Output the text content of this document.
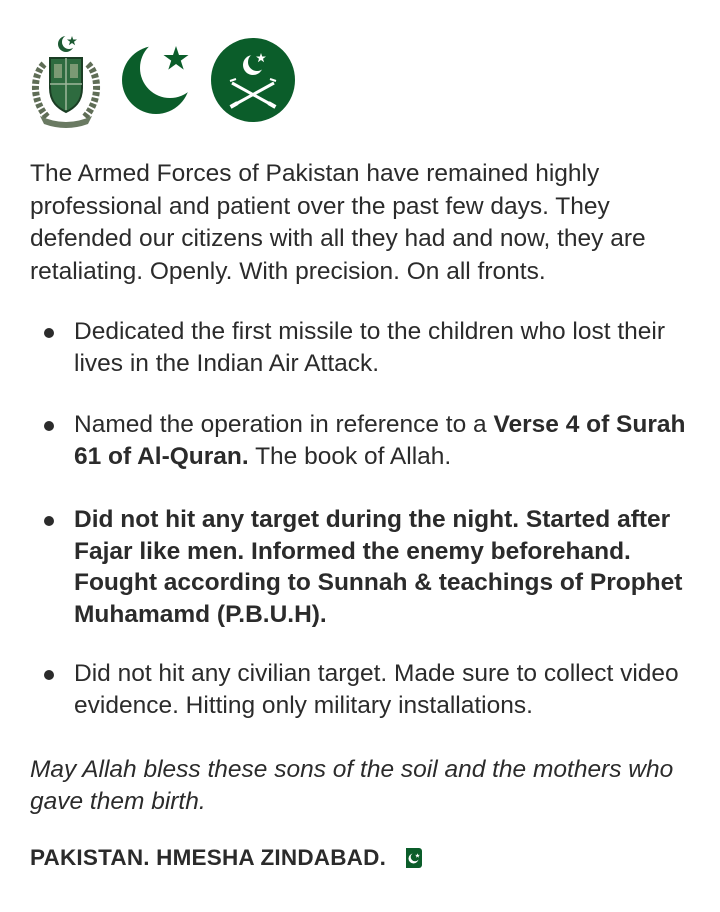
The Armed Forces of Pakistan have remained highly professional and patient over the past few days. They defended our citizens with all they had and now, they are retaliating. Openly. With precision. On all fronts.

Dedicated the first missile to the children who lost their lives in the Indian Air Attack.
Named the operation in reference to a Verse 4 of Surah 61 of Al-Quran. The book of Allah.
Did not hit any target during the night. Started after Fajar like men. Informed the enemy beforehand. Fought according to Sunnah & teachings of Prophet Muhamamd (P.B.U.H).
Did not hit any civilian target. Made sure to collect video evidence. Hitting only military installations.

May Allah bless these sons of the soil and the mothers who gave them birth.

PAKISTAN. HMESHA ZINDABAD.
